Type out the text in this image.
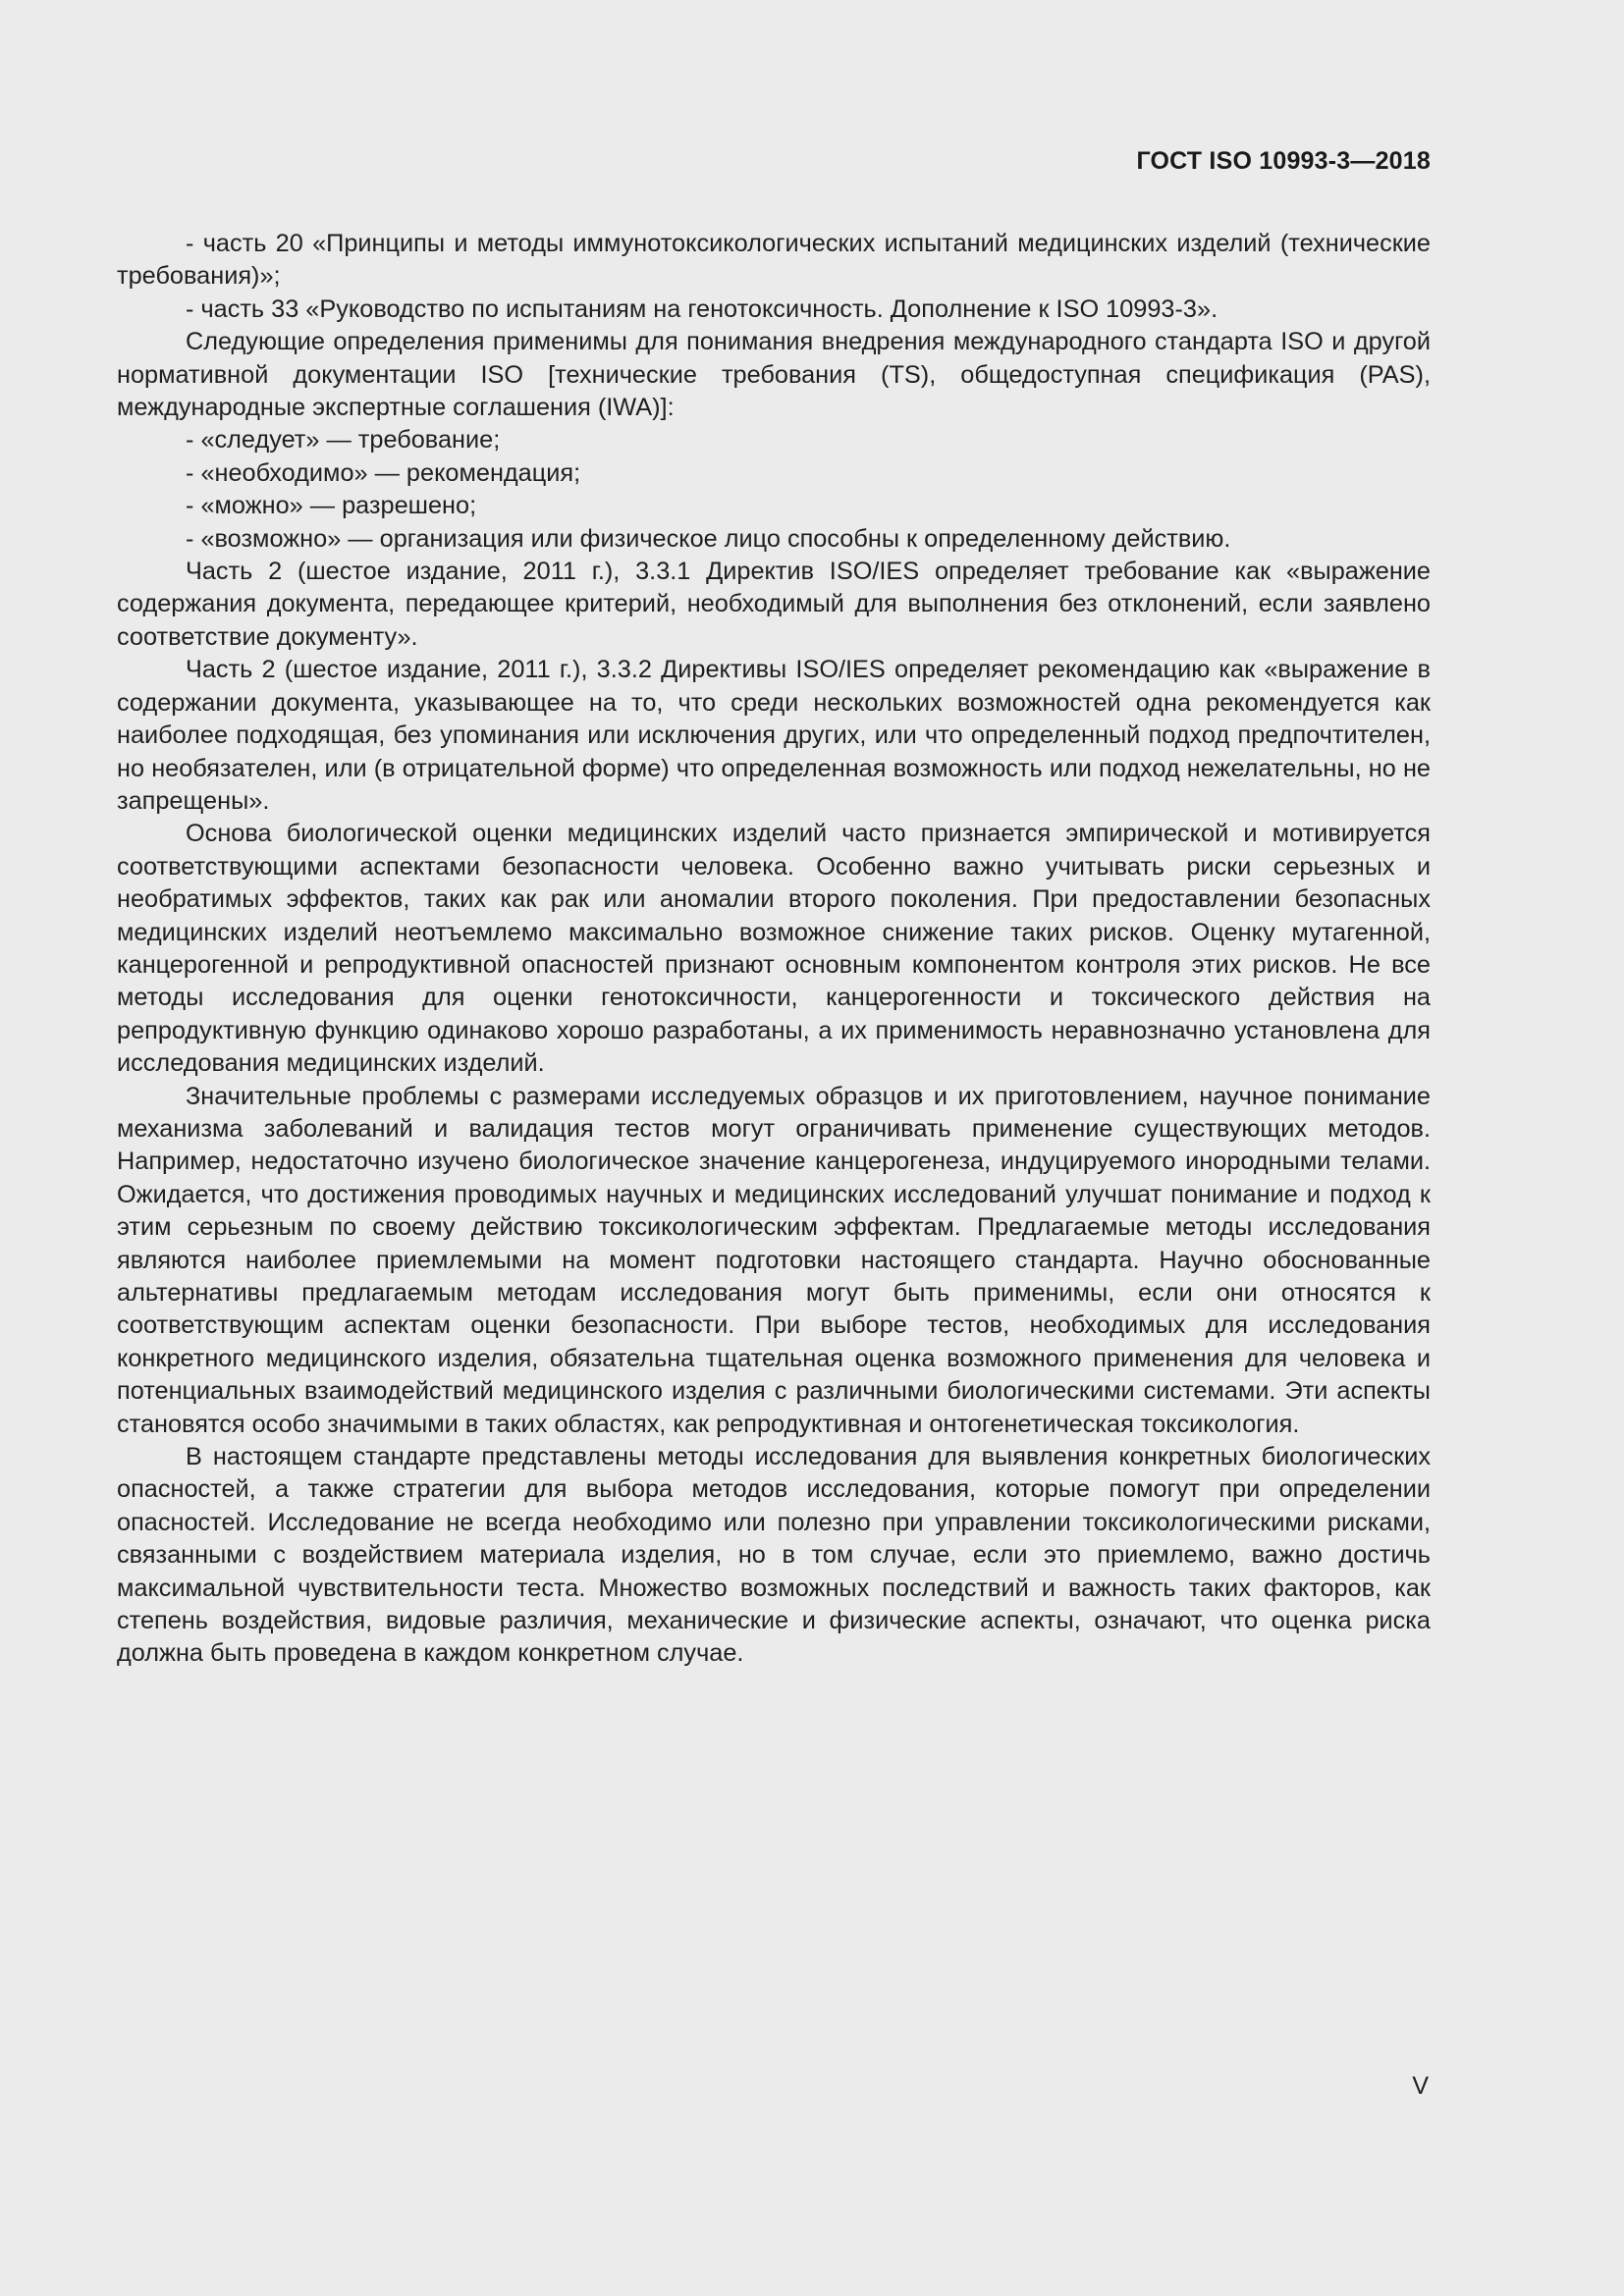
ГОСТ ISO 10993-3—2018

- часть 20 «Принципы и методы иммунотоксикологических испытаний медицинских изделий (технические требования)»;

- часть 33 «Руководство по испытаниям на генотоксичность. Дополнение к ISO 10993-3».

Следующие определения применимы для понимания внедрения международного стандарта ISO и другой нормативной документации ISO [технические требования (TS), общедоступная спецификация (PAS), международные экспертные соглашения (IWA)]:

- «следует» — требование;

- «необходимо» — рекомендация;

- «можно» — разрешено;

- «возможно» — организация или физическое лицо способны к определенному действию.

Часть 2 (шестое издание, 2011 г.), 3.3.1 Директив ISO/IES определяет требование как «выражение содержания документа, передающее критерий, необходимый для выполнения без отклонений, если заявлено соответствие документу».

Часть 2 (шестое издание, 2011 г.), 3.3.2 Директивы ISO/IES определяет рекомендацию как «выражение в содержании документа, указывающее на то, что среди нескольких возможностей одна рекомендуется как наиболее подходящая, без упоминания или исключения других, или что определенный подход предпочтителен, но необязателен, или (в отрицательной форме) что определенная возможность или подход нежелательны, но не запрещены».

Основа биологической оценки медицинских изделий часто признается эмпирической и мотивируется соответствующими аспектами безопасности человека. Особенно важно учитывать риски серьезных и необратимых эффектов, таких как рак или аномалии второго поколения. При предоставлении безопасных медицинских изделий неотъемлемо максимально возможное снижение таких рисков. Оценку мутагенной, канцерогенной и репродуктивной опасностей признают основным компонентом контроля этих рисков. Не все методы исследования для оценки генотоксичности, канцерогенности и токсического действия на репродуктивную функцию одинаково хорошо разработаны, а их применимость неравнозначно установлена для исследования медицинских изделий.

Значительные проблемы с размерами исследуемых образцов и их приготовлением, научное понимание механизма заболеваний и валидация тестов могут ограничивать применение существующих методов. Например, недостаточно изучено биологическое значение канцерогенеза, индуцируемого инородными телами. Ожидается, что достижения проводимых научных и медицинских исследований улучшат понимание и подход к этим серьезным по своему действию токсикологическим эффектам. Предлагаемые методы исследования являются наиболее приемлемыми на момент подготовки настоящего стандарта. Научно обоснованные альтернативы предлагаемым методам исследования могут быть применимы, если они относятся к соответствующим аспектам оценки безопасности. При выборе тестов, необходимых для исследования конкретного медицинского изделия, обязательна тщательная оценка возможного применения для человека и потенциальных взаимодействий медицинского изделия с различными биологическими системами. Эти аспекты становятся особо значимыми в таких областях, как репродуктивная и онтогенетическая токсикология.

В настоящем стандарте представлены методы исследования для выявления конкретных биологических опасностей, а также стратегии для выбора методов исследования, которые помогут при определении опасностей. Исследование не всегда необходимо или полезно при управлении токсикологическими рисками, связанными с воздействием материала изделия, но в том случае, если это приемлемо, важно достичь максимальной чувствительности теста. Множество возможных последствий и важность таких факторов, как степень воздействия, видовые различия, механические и физические аспекты, означают, что оценка риска должна быть проведена в каждом конкретном случае.

V
